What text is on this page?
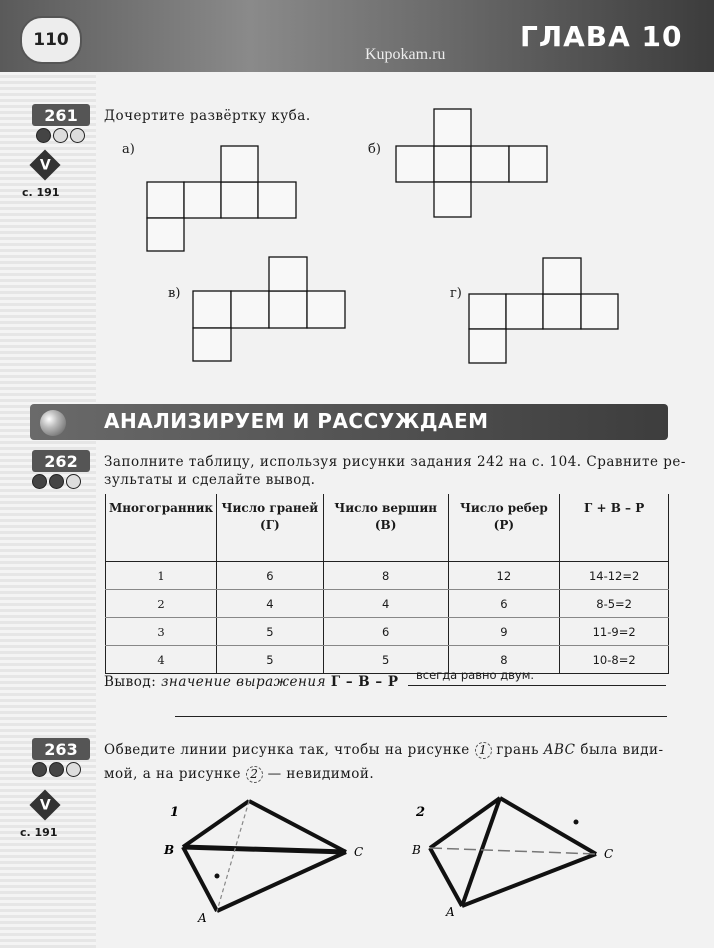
110
Kupokam.ru
ГЛАВА 10
261
V
с. 191
Дочертите развёртку куба.
а)	б)
в)	г)
АНАЛИЗИРУЕМ И РАССУЖДАЕМ
262	Заполните таблицу, используя рисунки задания 242 на с. 104. Сравните ре-
зультаты и сделайте вывод.
Многогранник	Число граней (Г)	Число вершин (В)	Число ребер (Р)	Г + В – Р
1	6	8	12	14-12=2
2	4	4	6	8-5=2
3	5	6	9	11-9=2
4	5	5	8	10-8=2
Вывод: значение выражения Г – В – Р всегда равно двум.
263
V
с. 191
Обведите линии рисунка так, чтобы на рисунке 1 грань ABC была види-
мой, а на рисунке 2 — невидимой.
1
B	C
A
2
B	C
A
